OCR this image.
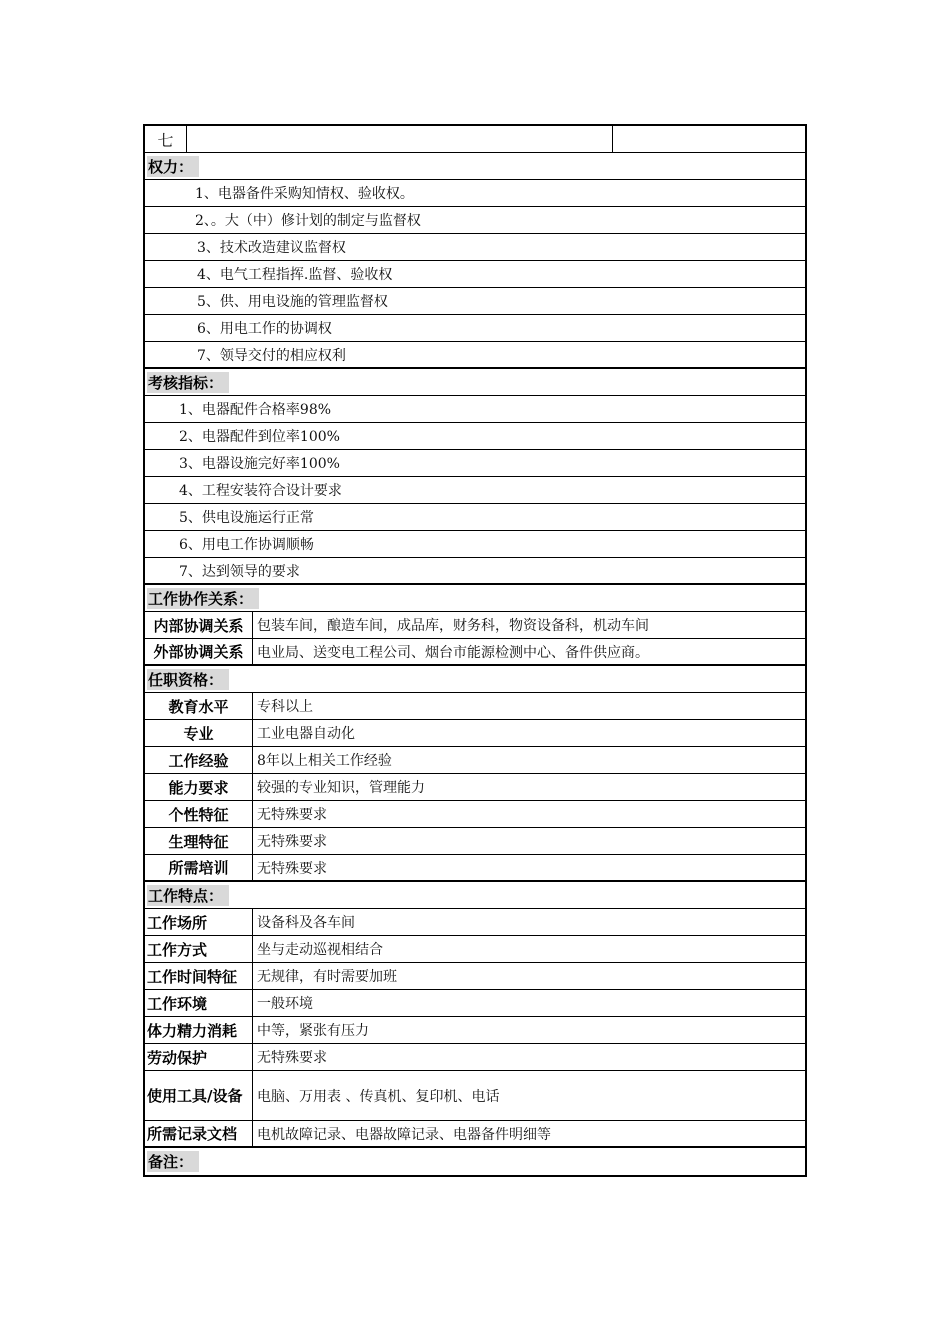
七
权力：
1、电器备件采购知情权、验收权。
2、。大（中）修计划的制定与监督权
3、技术改造建议监督权
4、电气工程指挥.监督、验收权
5、供、用电设施的管理监督权
6、用电工作的协调权
7、领导交付的相应权利
考核指标：
1、电器配件合格率98%
2、电器配件到位率100%
3、电器设施完好率100%
4、工程安装符合设计要求
5、供电设施运行正常
6、用电工作协调顺畅
7、达到领导的要求
工作协作关系：
内部协调关系 包装车间，酿造车间，成品库，财务科，物资设备科，机动车间
外部协调关系 电业局、送变电工程公司、烟台市能源检测中心、备件供应商。
任职资格：
教育水平	专科以上
专业	工业电器自动化
工作经验	8年以上相关工作经验
能力要求	较强的专业知识，管理能力
个性特征	无特殊要求
生理特征	无特殊要求
所需培训	无特殊要求
工作特点：
工作场所	设备科及各车间
工作方式	坐与走动巡视相结合
工作时间特征	无规律，有时需要加班
工作环境	一般环境
体力精力消耗	中等，紧张有压力
劳动保护	无特殊要求
使用工具/设备	电脑、万用表 、传真机、复印机、电话
所需记录文档	电机故障记录、电器故障记录、电器备件明细等
备注：
